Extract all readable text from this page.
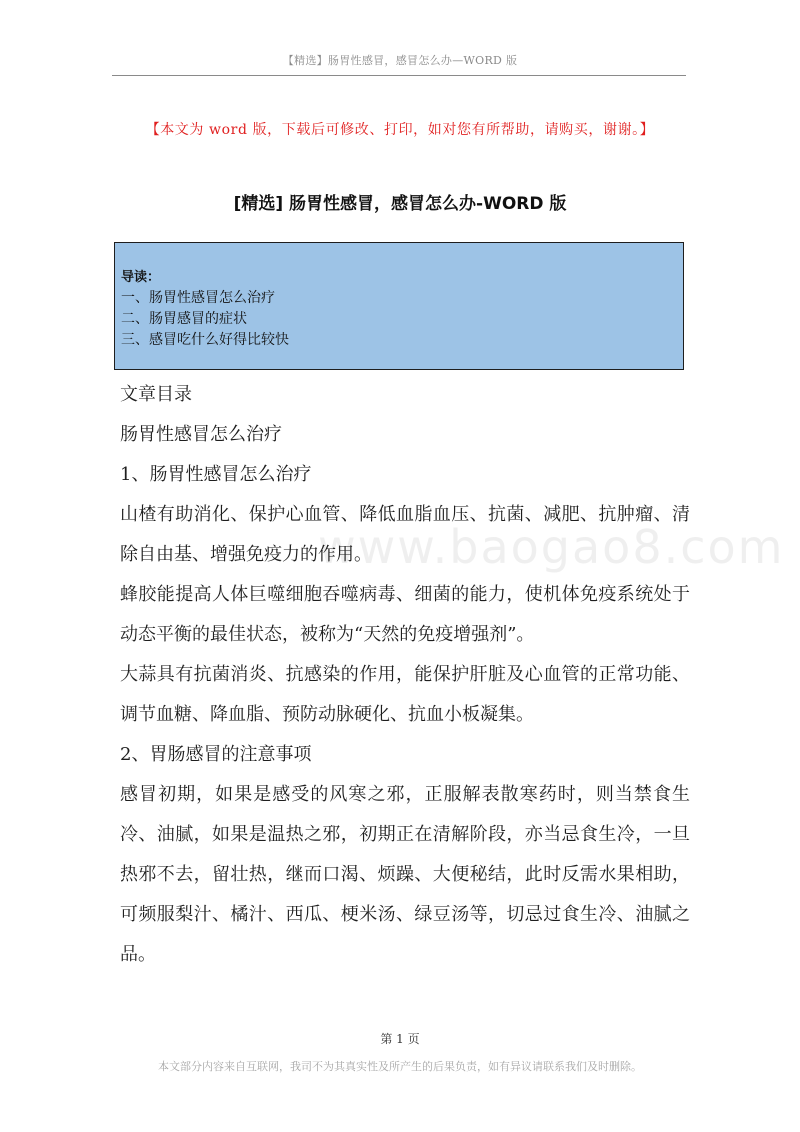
【精选】肠胃性感冒，感冒怎么办—WORD 版
【本文为 word 版，下载后可修改、打印，如对您有所帮助，请购买，谢谢。】
[精选] 肠胃性感冒，感冒怎么办-WORD 版
导读：
一、肠胃性感冒怎么治疗
二、肠胃感冒的症状
三、感冒吃什么好得比较快
www.baogao8.com
文章目录
肠胃性感冒怎么治疗
1、肠胃性感冒怎么治疗
山楂有助消化、保护心血管、降低血脂血压、抗菌、减肥、抗肿瘤、清除自由基、增强免疫力的作用。
蜂胶能提高人体巨噬细胞吞噬病毒、细菌的能力，使机体免疫系统处于动态平衡的最佳状态，被称为“天然的免疫增强剂”。
大蒜具有抗菌消炎、抗感染的作用，能保护肝脏及心血管的正常功能、调节血糖、降血脂、预防动脉硬化、抗血小板凝集。
2、胃肠感冒的注意事项
感冒初期，如果是感受的风寒之邪，正服解表散寒药时，则当禁食生冷、油腻，如果是温热之邪，初期正在清解阶段，亦当忌食生冷，一旦热邪不去，留壮热，继而口渴、烦躁、大便秘结，此时反需水果相助，可频服梨汁、橘汁、西瓜、梗米汤、绿豆汤等，切忌过食生冷、油腻之品。
第 1 页
本文部分内容来自互联网，我司不为其真实性及所产生的后果负责，如有异议请联系我们及时删除。
